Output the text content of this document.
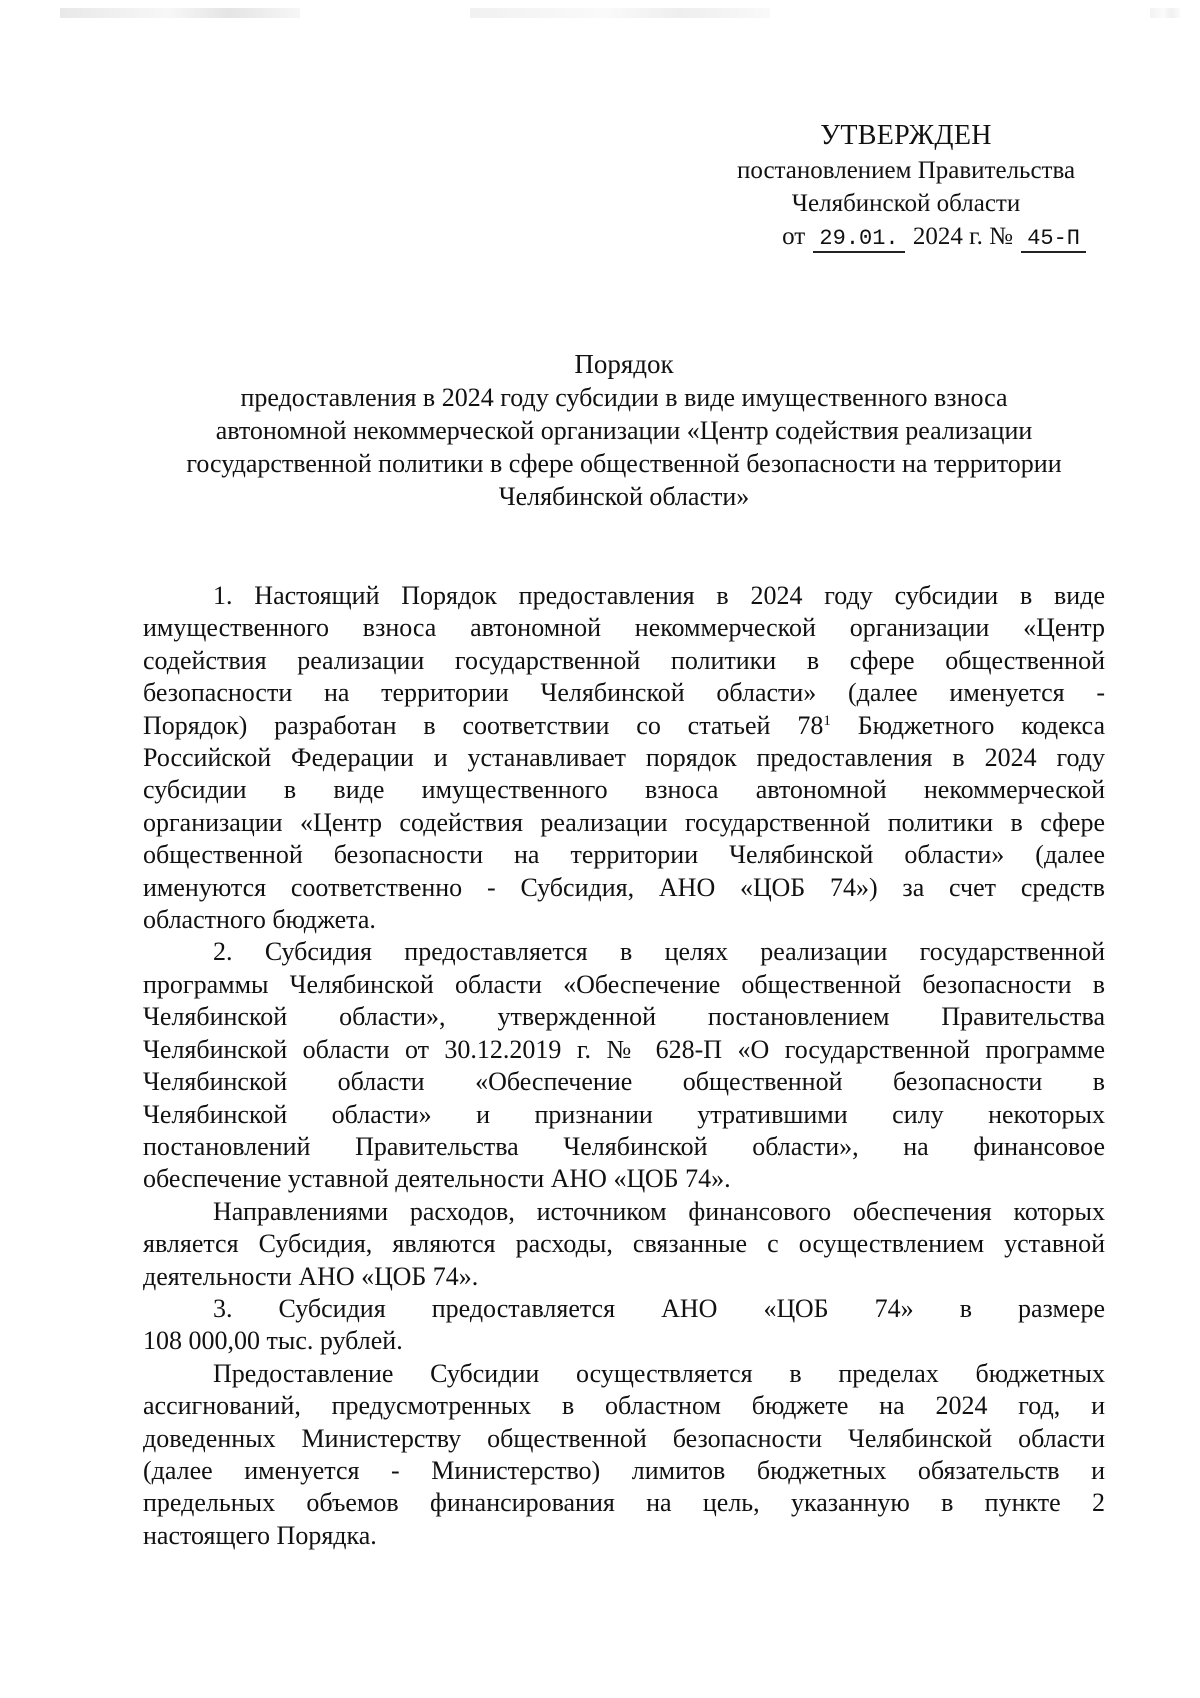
УТВЕРЖДЕН
постановлением Правительства
Челябинской области
от 29.01. 2024 г. № 45-П
Порядок
предоставления в 2024 году субсидии в виде имущественного взноса
автономной некоммерческой организации «Центр содействия реализации
государственной политики в сфере общественной безопасности на территории
Челябинской области»
1. Настоящий Порядок предоставления в 2024 году субсидии в виде
имущественного взноса автономной некоммерческой организации «Центр
содействия реализации государственной политики в сфере общественной
безопасности на территории Челябинской области» (далее именуется -
Порядок) разработан в соответствии со статьей $78^1$ Бюджетного кодекса
Российской Федерации и устанавливает порядок предоставления в 2024 году
субсидии в виде имущественного взноса автономной некоммерческой
организации «Центр содействия реализации государственной политики в сфере
общественной безопасности на территории Челябинской области» (далее
именуются соответственно - Субсидия, АНО «ЦОБ 74») за счет средств
областного бюджета.
2. Субсидия предоставляется в целях реализации государственной
программы Челябинской области «Обеспечение общественной безопасности в
Челябинской области», утвержденной постановлением Правительства
Челябинской области от 30.12.2019 г. № 628-П «О государственной программе
Челябинской области «Обеспечение общественной безопасности в
Челябинской области» и признании утратившими силу некоторых
постановлений Правительства Челябинской области», на финансовое
обеспечение уставной деятельности АНО «ЦОБ 74».
Направлениями расходов, источником финансового обеспечения которых
является Субсидия, являются расходы, связанные с осуществлением уставной
деятельности АНО «ЦОБ 74».
3. Субсидия предоставляется АНО «ЦОБ 74» в размере
108 000,00 тыс. рублей.
Предоставление Субсидии осуществляется в пределах бюджетных
ассигнований, предусмотренных в областном бюджете на 2024 год, и
доведенных Министерству общественной безопасности Челябинской области
(далее именуется - Министерство) лимитов бюджетных обязательств и
предельных объемов финансирования на цель, указанную в пункте 2
настоящего Порядка.
